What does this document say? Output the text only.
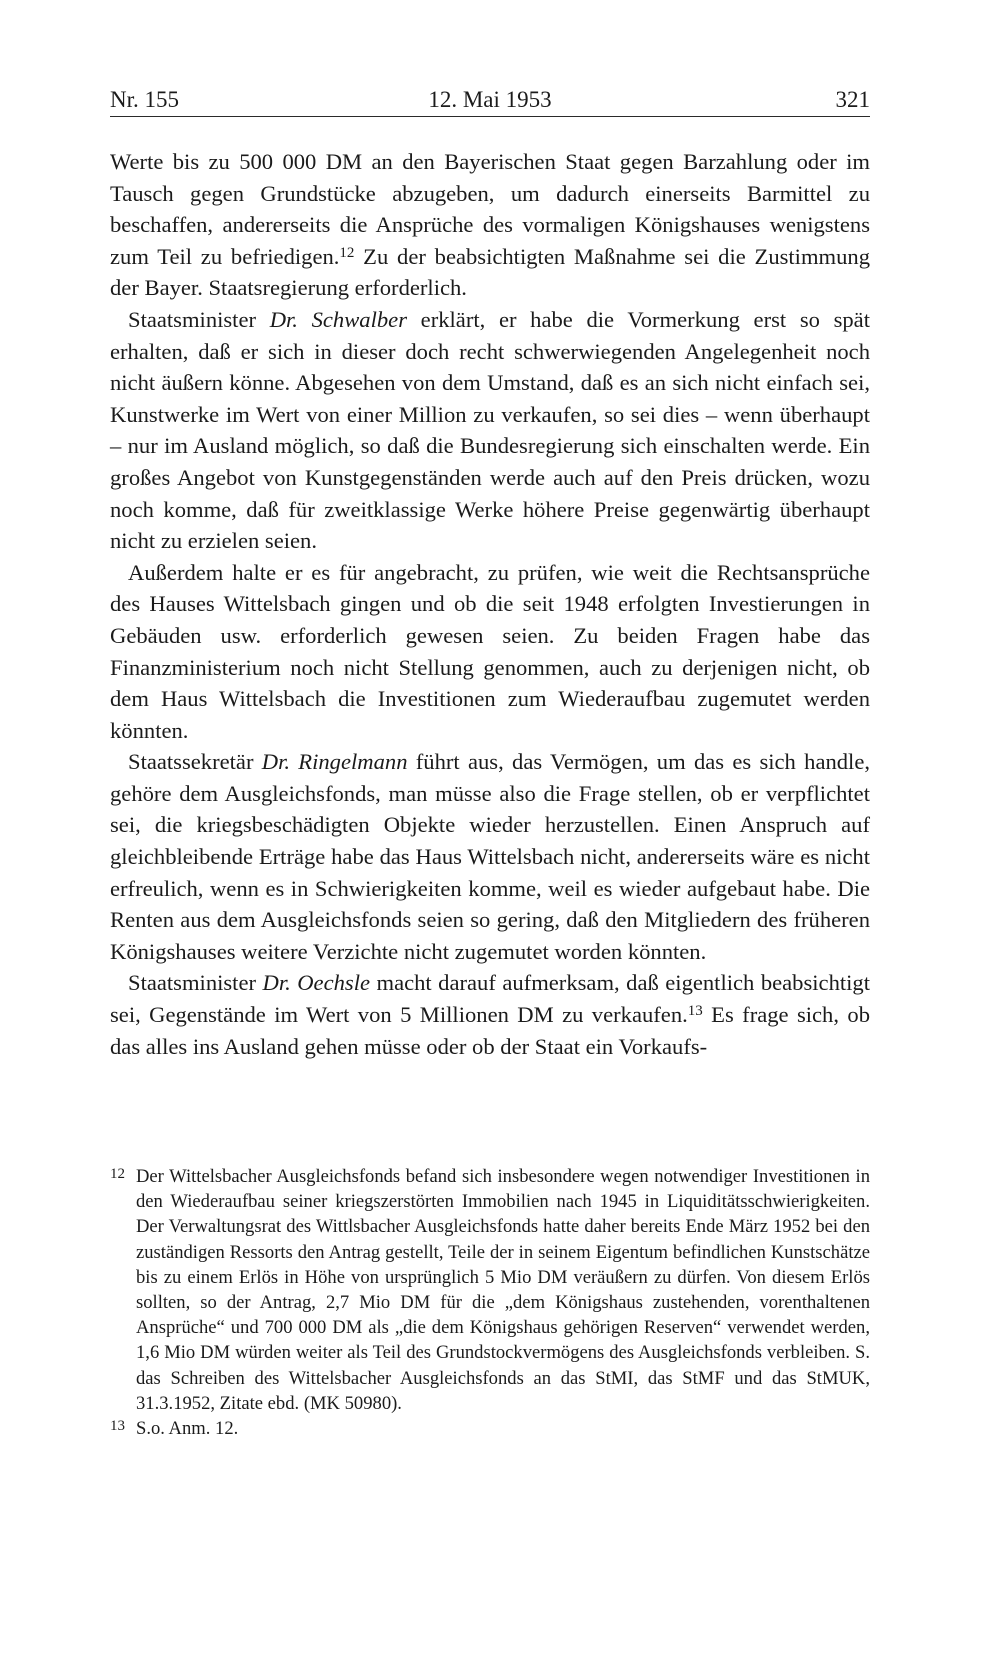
Nr. 155	12. Mai 1953	321

Werte bis zu 500 000 DM an den Bayerischen Staat gegen Barzahlung oder im Tausch gegen Grundstücke abzugeben, um dadurch einerseits Barmittel zu beschaffen, andererseits die Ansprüche des vormaligen Königshauses wenigstens zum Teil zu befriedigen.$^{12}$ Zu der beabsichtigten Maßnahme sei die Zustimmung der Bayer. Staatsregierung erforderlich.

Staatsminister Dr. Schwalber erklärt, er habe die Vormerkung erst so spät erhalten, daß er sich in dieser doch recht schwerwiegenden Angelegenheit noch nicht äußern könne. Abgesehen von dem Umstand, daß es an sich nicht einfach sei, Kunstwerke im Wert von einer Million zu verkaufen, so sei dies – wenn überhaupt – nur im Ausland möglich, so daß die Bundesregierung sich einschalten werde. Ein großes Angebot von Kunstgegenständen werde auch auf den Preis drücken, wozu noch komme, daß für zweitklassige Werke höhere Preise gegenwärtig überhaupt nicht zu erzielen seien.

Außerdem halte er es für angebracht, zu prüfen, wie weit die Rechtsansprüche des Hauses Wittelsbach gingen und ob die seit 1948 erfolgten Investierungen in Gebäuden usw. erforderlich gewesen seien. Zu beiden Fragen habe das Finanzministerium noch nicht Stellung genommen, auch zu derjenigen nicht, ob dem Haus Wittelsbach die Investitionen zum Wiederaufbau zugemutet werden könnten.

Staatssekretär Dr. Ringelmann führt aus, das Vermögen, um das es sich handle, gehöre dem Ausgleichsfonds, man müsse also die Frage stellen, ob er verpflichtet sei, die kriegsbeschädigten Objekte wieder herzustellen. Einen Anspruch auf gleichbleibende Erträge habe das Haus Wittelsbach nicht, andererseits wäre es nicht erfreulich, wenn es in Schwierigkeiten komme, weil es wieder aufgebaut habe. Die Renten aus dem Ausgleichsfonds seien so gering, daß den Mitgliedern des früheren Königshauses weitere Verzichte nicht zugemutet worden könnten.

Staatsminister Dr. Oechsle macht darauf aufmerksam, daß eigentlich beabsichtigt sei, Gegenstände im Wert von 5 Millionen DM zu verkaufen.$^{13}$ Es frage sich, ob das alles ins Ausland gehen müsse oder ob der Staat ein Vorkaufs-

12 Der Wittelsbacher Ausgleichsfonds befand sich insbesondere wegen notwendiger Investitionen in den Wiederaufbau seiner kriegszerstörten Immobilien nach 1945 in Liquiditätsschwierigkeiten. Der Verwaltungsrat des Wittlsbacher Ausgleichsfonds hatte daher bereits Ende März 1952 bei den zuständigen Ressorts den Antrag gestellt, Teile der in seinem Eigentum befindlichen Kunstschätze bis zu einem Erlös in Höhe von ursprünglich 5 Mio DM veräußern zu dürfen. Von diesem Erlös sollten, so der Antrag, 2,7 Mio DM für die „dem Königshaus zustehenden, vorenthaltenen Ansprüche“ und 700 000 DM als „die dem Königshaus gehörigen Reserven“ verwendet werden, 1,6 Mio DM würden weiter als Teil des Grundstockvermögens des Ausgleichsfonds verbleiben. S. das Schreiben des Wittelsbacher Ausgleichsfonds an das StMI, das StMF und das StMUK, 31.3.1952, Zitate ebd. (MK 50980).

13 S.o. Anm. 12.
